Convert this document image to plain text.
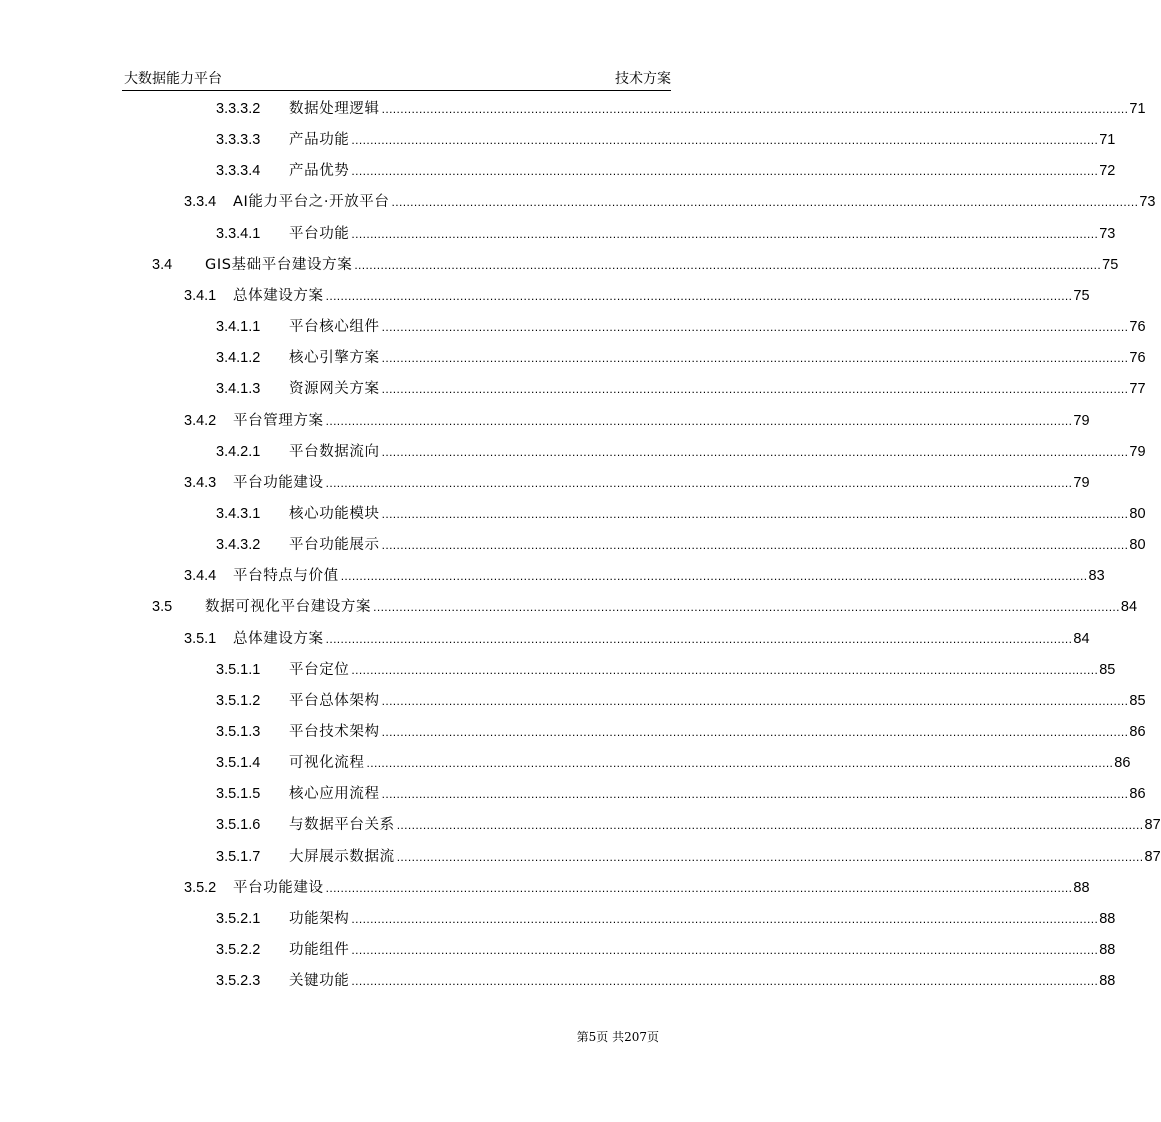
大数据能力平台	技术方案
3.3.3.2 数据处理逻辑 ........................................................................................................................................................................................................ 71
3.3.3.3 产品功能 ........................................................................................................................................................................................................ 71
3.3.3.4 产品优势 ........................................................................................................................................................................................................ 72
3.3.4 AI能力平台之·开放平台 ........................................................................................................................................................................................................ 73
3.3.4.1 平台功能 ........................................................................................................................................................................................................ 73
3.4 GIS基础平台建设方案 ........................................................................................................................................................................................................ 75
3.4.1 总体建设方案 ........................................................................................................................................................................................................ 75
3.4.1.1 平台核心组件 ........................................................................................................................................................................................................ 76
3.4.1.2 核心引擎方案 ........................................................................................................................................................................................................ 76
3.4.1.3 资源网关方案 ........................................................................................................................................................................................................ 77
3.4.2 平台管理方案 ........................................................................................................................................................................................................ 79
3.4.2.1 平台数据流向 ........................................................................................................................................................................................................ 79
3.4.3 平台功能建设 ........................................................................................................................................................................................................ 79
3.4.3.1 核心功能模块 ........................................................................................................................................................................................................ 80
3.4.3.2 平台功能展示 ........................................................................................................................................................................................................ 80
3.4.4 平台特点与价值 ........................................................................................................................................................................................................ 83
3.5 数据可视化平台建设方案 ........................................................................................................................................................................................................ 84
3.5.1 总体建设方案 ........................................................................................................................................................................................................ 84
3.5.1.1 平台定位 ........................................................................................................................................................................................................ 85
3.5.1.2 平台总体架构 ........................................................................................................................................................................................................ 85
3.5.1.3 平台技术架构 ........................................................................................................................................................................................................ 86
3.5.1.4 可视化流程 ........................................................................................................................................................................................................ 86
3.5.1.5 核心应用流程 ........................................................................................................................................................................................................ 86
3.5.1.6 与数据平台关系 ........................................................................................................................................................................................................ 87
3.5.1.7 大屏展示数据流 ........................................................................................................................................................................................................ 87
3.5.2 平台功能建设 ........................................................................................................................................................................................................ 88
3.5.2.1 功能架构 ........................................................................................................................................................................................................ 88
3.5.2.2 功能组件 ........................................................................................................................................................................................................ 88
3.5.2.3 关键功能 ........................................................................................................................................................................................................ 88
第5页 共207页
